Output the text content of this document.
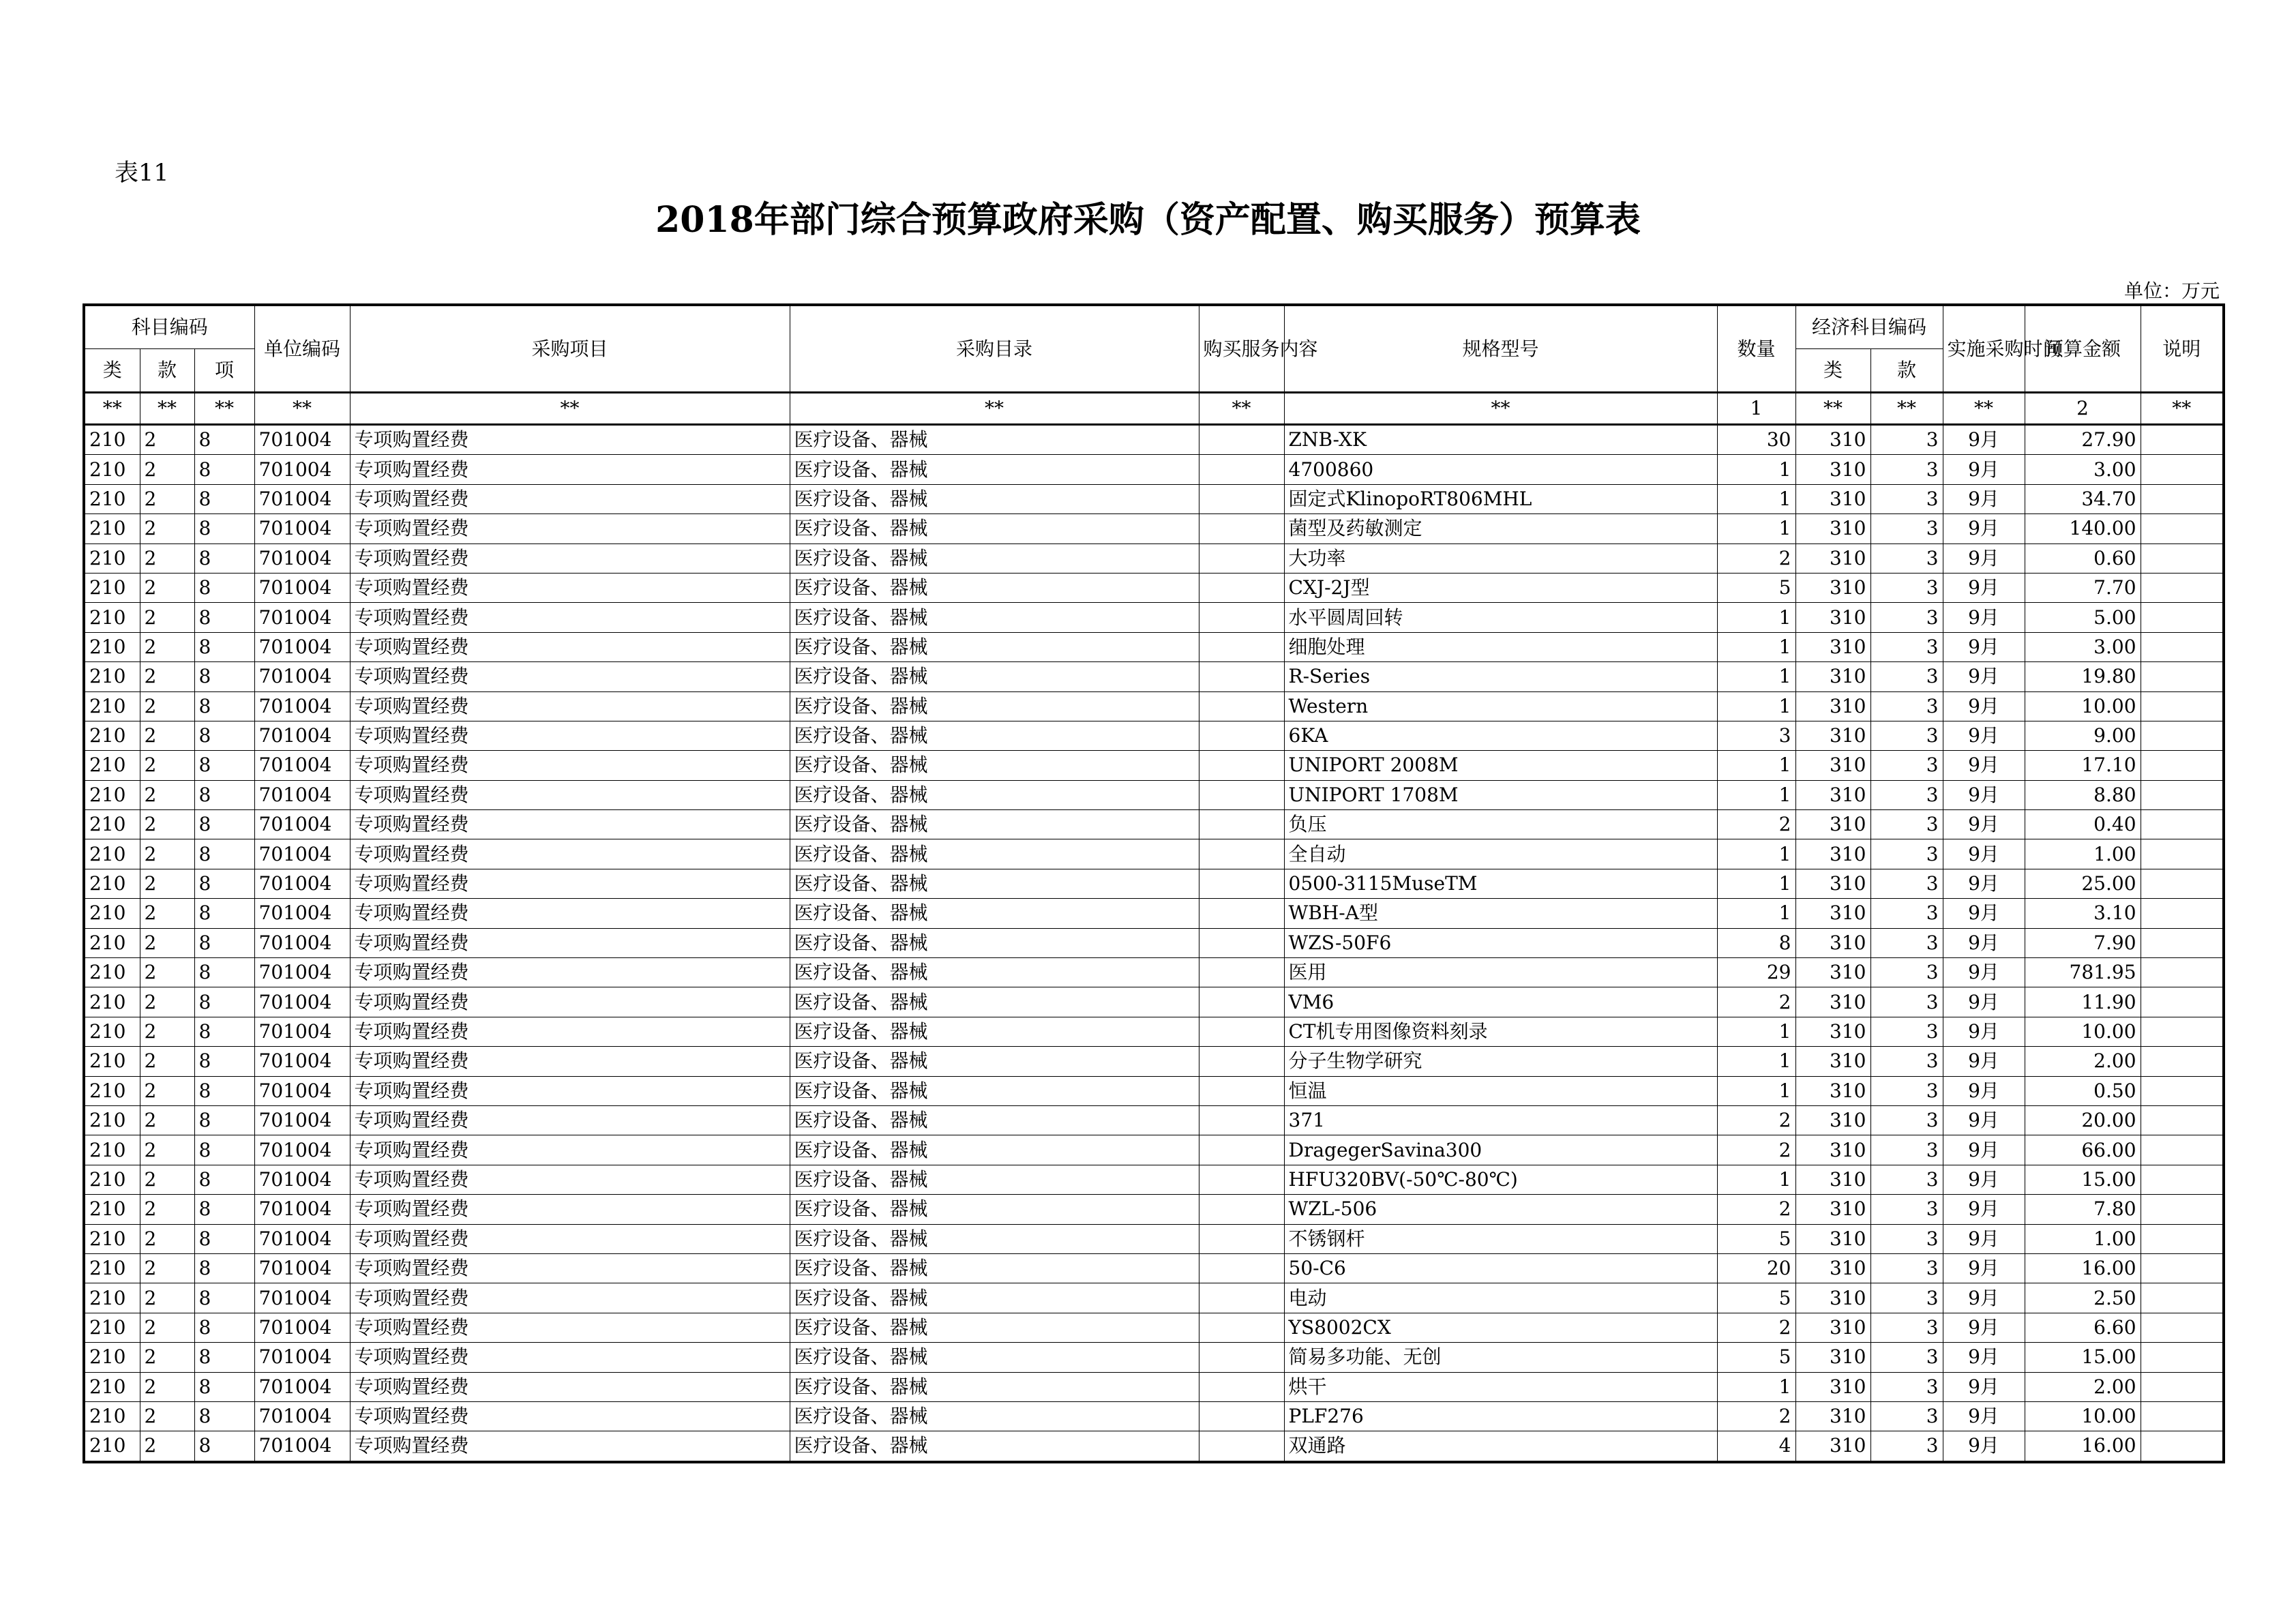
表11
2018年部门综合预算政府采购（资产配置、购买服务）预算表
单位：万元
科目编码			单位编码	采购项目	采购目录	购买服务内容	规格型号	数量	经济科目编码		实施采购时间	预算金额	说明
类	款	项							类	款			
**	**	**	**	**	**	**	**	1	**	**	**	2	**
210	2	8	701004	专项购置经费	医疗设备、器械		ZNB-XK	30	310	3	9月	27.90	
210	2	8	701004	专项购置经费	医疗设备、器械		4700860	1	310	3	9月	3.00	
210	2	8	701004	专项购置经费	医疗设备、器械		固定式KlinopoRT806MHL	1	310	3	9月	34.70	
210	2	8	701004	专项购置经费	医疗设备、器械		菌型及药敏测定	1	310	3	9月	140.00	
210	2	8	701004	专项购置经费	医疗设备、器械		大功率	2	310	3	9月	0.60	
210	2	8	701004	专项购置经费	医疗设备、器械		CXJ-2J型	5	310	3	9月	7.70	
210	2	8	701004	专项购置经费	医疗设备、器械		水平圆周回转	1	310	3	9月	5.00	
210	2	8	701004	专项购置经费	医疗设备、器械		细胞处理	1	310	3	9月	3.00	
210	2	8	701004	专项购置经费	医疗设备、器械		R-Series	1	310	3	9月	19.80	
210	2	8	701004	专项购置经费	医疗设备、器械		Western	1	310	3	9月	10.00	
210	2	8	701004	专项购置经费	医疗设备、器械		6KA	3	310	3	9月	9.00	
210	2	8	701004	专项购置经费	医疗设备、器械		UNIPORT 2008M	1	310	3	9月	17.10	
210	2	8	701004	专项购置经费	医疗设备、器械		UNIPORT 1708M	1	310	3	9月	8.80	
210	2	8	701004	专项购置经费	医疗设备、器械		负压	2	310	3	9月	0.40	
210	2	8	701004	专项购置经费	医疗设备、器械		全自动	1	310	3	9月	1.00	
210	2	8	701004	专项购置经费	医疗设备、器械		0500-3115MuseTM	1	310	3	9月	25.00	
210	2	8	701004	专项购置经费	医疗设备、器械		WBH-A型	1	310	3	9月	3.10	
210	2	8	701004	专项购置经费	医疗设备、器械		WZS-50F6	8	310	3	9月	7.90	
210	2	8	701004	专项购置经费	医疗设备、器械		医用	29	310	3	9月	781.95	
210	2	8	701004	专项购置经费	医疗设备、器械		VM6	2	310	3	9月	11.90	
210	2	8	701004	专项购置经费	医疗设备、器械		CT机专用图像资料刻录	1	310	3	9月	10.00	
210	2	8	701004	专项购置经费	医疗设备、器械		分子生物学研究	1	310	3	9月	2.00	
210	2	8	701004	专项购置经费	医疗设备、器械		恒温	1	310	3	9月	0.50	
210	2	8	701004	专项购置经费	医疗设备、器械		371	2	310	3	9月	20.00	
210	2	8	701004	专项购置经费	医疗设备、器械		DragegerSavina300	2	310	3	9月	66.00	
210	2	8	701004	专项购置经费	医疗设备、器械		HFU320BV(-50℃-80℃)	1	310	3	9月	15.00	
210	2	8	701004	专项购置经费	医疗设备、器械		WZL-506	2	310	3	9月	7.80	
210	2	8	701004	专项购置经费	医疗设备、器械		不锈钢杆	5	310	3	9月	1.00	
210	2	8	701004	专项购置经费	医疗设备、器械		50-C6	20	310	3	9月	16.00	
210	2	8	701004	专项购置经费	医疗设备、器械		电动	5	310	3	9月	2.50	
210	2	8	701004	专项购置经费	医疗设备、器械		YS8002CX	2	310	3	9月	6.60	
210	2	8	701004	专项购置经费	医疗设备、器械		简易多功能、无创	5	310	3	9月	15.00	
210	2	8	701004	专项购置经费	医疗设备、器械		烘干	1	310	3	9月	2.00	
210	2	8	701004	专项购置经费	医疗设备、器械		PLF276	2	310	3	9月	10.00	
210	2	8	701004	专项购置经费	医疗设备、器械		双通路	4	310	3	9月	16.00	
